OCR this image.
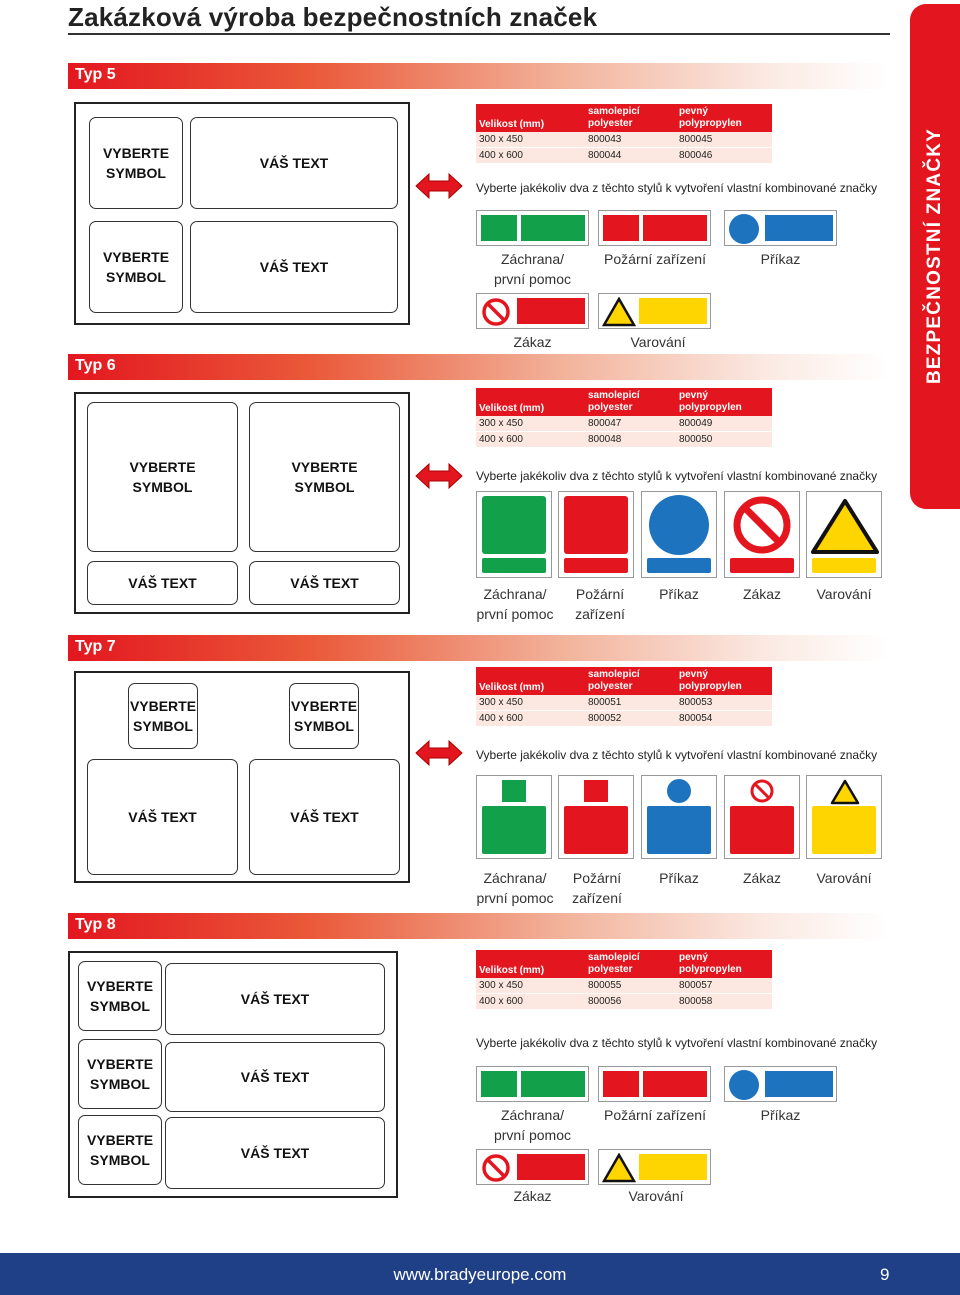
Zakázková výroba bezpečnostních značek
BEZPEČNOSTNÍ ZNAČKY
Typ 5
VYBERTE
SYMBOL
VÁŠ TEXT
VYBERTE
SYMBOL
VÁŠ TEXT
Velikost (mm)
samolepicí
polyester
pevný
polypropylen
300 x 450	800043	800045
400 x 600	800044	800046
Vyberte jakékoliv dva z těchto stylů k vytvoření vlastní kombinované značky
Záchrana/
první pomoc
Požární zařízení	Příkaz
Zákaz	Varování
Typ 6
VYBERTE
SYMBOL
VYBERTE
SYMBOL
VÁŠ TEXT	VÁŠ TEXT
Velikost (mm)
samolepicí
polyester
pevný
polypropylen
300 x 450	800047	800049
400 x 600	800048	800050
Vyberte jakékoliv dva z těchto stylů k vytvoření vlastní kombinované značky
Záchrana/
první pomoc
Požární
zařízení
Příkaz	Zákaz	Varování
Typ 7
VYBERTE
SYMBOL
VYBERTE
SYMBOL
VÁŠ TEXT	VÁŠ TEXT
Velikost (mm)
samolepicí
polyester
pevný
polypropylen
300 x 450	800051	800053
400 x 600	800052	800054
Vyberte jakékoliv dva z těchto stylů k vytvoření vlastní kombinované značky
Záchrana/
první pomoc
Požární
zařízení
Příkaz	Zákaz	Varování
Typ 8
VYBERTE
SYMBOL	VÁŠ TEXT
VYBERTE
SYMBOL	VÁŠ TEXT
VYBERTE
SYMBOL	VÁŠ TEXT
Velikost (mm)
samolepicí
polyester
pevný
polypropylen
300 x 450	800055	800057
400 x 600	800056	800058
Vyberte jakékoliv dva z těchto stylů k vytvoření vlastní kombinované značky
Záchrana/
první pomoc
Požární zařízení	Příkaz
Zákaz	Varování
www.bradyeurope.com	9
